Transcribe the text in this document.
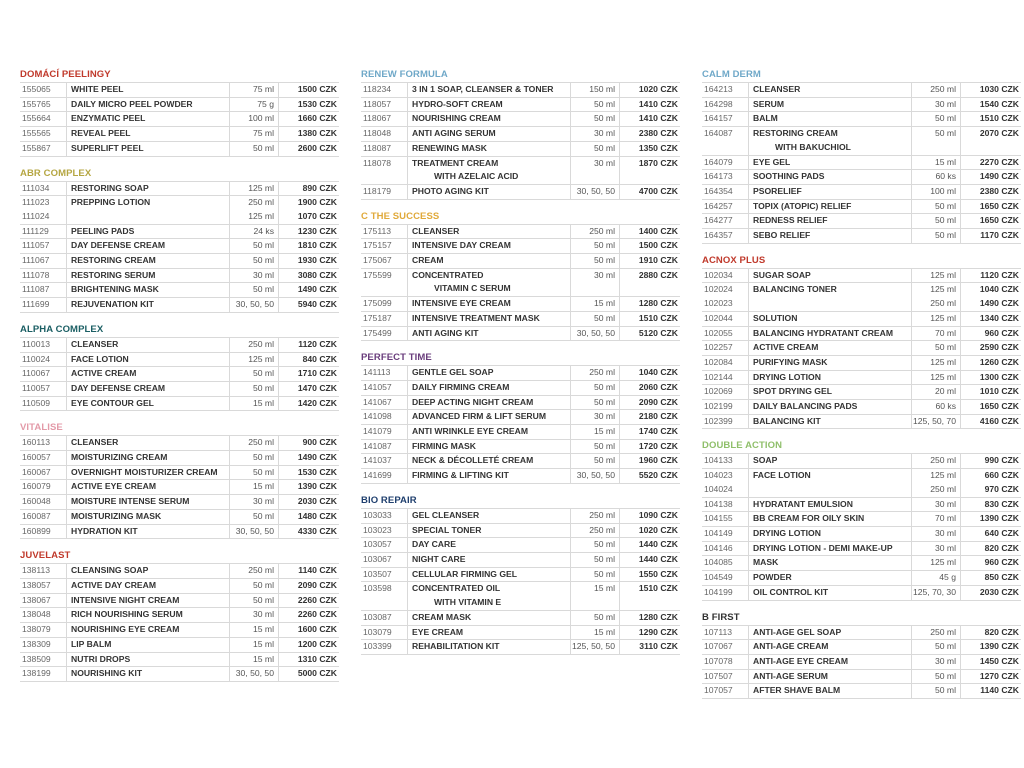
DOMÁCÍ PEELINGY
155065	WHITE PEEL	75 ml	1500 CZK
155765	DAILY MICRO PEEL POWDER	75 g	1530 CZK
155664	ENZYMATIC PEEL	100 ml	1660 CZK
155565	REVEAL PEEL	75 ml	1380 CZK
155867	SUPERLIFT PEEL	50 ml	2600 CZK
ABR COMPLEX
111034	RESTORING SOAP	125 ml	890 CZK
111023	PREPPING LOTION	250 ml	1900 CZK
111024		125 ml	1070 CZK
111129	PEELING PADS	24 ks	1230 CZK
111057	DAY DEFENSE CREAM	50 ml	1810 CZK
111067	RESTORING CREAM	50 ml	1930 CZK
111078	RESTORING SERUM	30 ml	3080 CZK
111087	BRIGHTENING MASK	50 ml	1490 CZK
111699	REJUVENATION KIT	30, 50, 50	5940 CZK
ALPHA COMPLEX
110013	CLEANSER	250 ml	1120 CZK
110024	FACE LOTION	125 ml	840 CZK
110067	ACTIVE CREAM	50 ml	1710 CZK
110057	DAY DEFENSE CREAM	50 ml	1470 CZK
110509	EYE CONTOUR GEL	15 ml	1420 CZK
VITALISE
160113	CLEANSER	250 ml	900 CZK
160057	MOISTURIZING CREAM	50 ml	1490 CZK
160067	OVERNIGHT MOISTURIZER CREAM	50 ml	1530 CZK
160079	ACTIVE EYE CREAM	15 ml	1390 CZK
160048	MOISTURE INTENSE SERUM	30 ml	2030 CZK
160087	MOISTURIZING MASK	50 ml	1480 CZK
160899	HYDRATION KIT	30, 50, 50	4330 CZK
JUVELAST
138113	CLEANSING SOAP	250 ml	1140 CZK
138057	ACTIVE DAY CREAM	50 ml	2090 CZK
138067	INTENSIVE NIGHT CREAM	50 ml	2260 CZK
138048	RICH NOURISHING SERUM	30 ml	2260 CZK
138079	NOURISHING EYE CREAM	15 ml	1600 CZK
138309	LIP BALM	15 ml	1200 CZK
138509	NUTRI DROPS	15 ml	1310 CZK
138199	NOURISHING KIT	30, 50, 50	5000 CZK
RENEW FORMULA
118234	3 IN 1 SOAP, CLEANSER & TONER	150 ml	1020 CZK
118057	HYDRO-SOFT CREAM	50 ml	1410 CZK
118067	NOURISHING CREAM	50 ml	1410 CZK
118048	ANTI AGING SERUM	30 ml	2380 CZK
118087	RENEWING MASK	50 ml	1350 CZK
118078	TREATMENT CREAM	30 ml	1870 CZK
	WITH AZELAIC ACID		
118179	PHOTO AGING KIT	30, 50, 50	4700 CZK
C THE SUCCESS
175113	CLEANSER	250 ml	1400 CZK
175157	INTENSIVE DAY CREAM	50 ml	1500 CZK
175067	CREAM	50 ml	1910 CZK
175599	CONCENTRATED	30 ml	2880 CZK
	VITAMIN C SERUM		
175099	INTENSIVE EYE CREAM	15 ml	1280 CZK
175187	INTENSIVE TREATMENT MASK	50 ml	1510 CZK
175499	ANTI AGING KIT	30, 50, 50	5120 CZK
PERFECT TIME
141113	GENTLE GEL SOAP	250 ml	1040 CZK
141057	DAILY FIRMING CREAM	50 ml	2060 CZK
141067	DEEP ACTING NIGHT CREAM	50 ml	2090 CZK
141098	ADVANCED FIRM & LIFT SERUM	30 ml	2180 CZK
141079	ANTI WRINKLE EYE CREAM	15 ml	1740 CZK
141087	FIRMING MASK	50 ml	1720 CZK
141037	NECK & DÉCOLLETÉ CREAM	50 ml	1960 CZK
141699	FIRMING & LIFTING KIT	30, 50, 50	5520 CZK
BIO REPAIR
103033	GEL CLEANSER	250 ml	1090 CZK
103023	SPECIAL TONER	250 ml	1020 CZK
103057	DAY CARE	50 ml	1440 CZK
103067	NIGHT CARE	50 ml	1440 CZK
103507	CELLULAR FIRMING GEL	50 ml	1550 CZK
103598	CONCENTRATED OIL	15 ml	1510 CZK
	WITH VITAMIN E		
103087	CREAM MASK	50 ml	1280 CZK
103079	EYE CREAM	15 ml	1290 CZK
103399	REHABILITATION KIT	125, 50, 50	3110 CZK
CALM DERM
164213	CLEANSER	250 ml	1030 CZK
164298	SERUM	30 ml	1540 CZK
164157	BALM	50 ml	1510 CZK
164087	RESTORING CREAM	50 ml	2070 CZK
	WITH BAKUCHIOL		
164079	EYE GEL	15 ml	2270 CZK
164173	SOOTHING PADS	60 ks	1490 CZK
164354	PSORELIEF	100 ml	2380 CZK
164257	TOPIX (ATOPIC) RELIEF	50 ml	1650 CZK
164277	REDNESS RELIEF	50 ml	1650 CZK
164357	SEBO RELIEF	50 ml	1170 CZK
ACNOX PLUS
102034	SUGAR SOAP	125 ml	1120 CZK
102024	BALANCING TONER	125 ml	1040 CZK
102023		250 ml	1490 CZK
102044	SOLUTION	125 ml	1340 CZK
102055	BALANCING HYDRATANT CREAM	70 ml	960 CZK
102257	ACTIVE CREAM	50 ml	2590 CZK
102084	PURIFYING MASK	125 ml	1260 CZK
102144	DRYING LOTION	125 ml	1300 CZK
102069	SPOT DRYING GEL	20 ml	1010 CZK
102199	DAILY BALANCING PADS	60 ks	1650 CZK
102399	BALANCING KIT	125, 50, 70	4160 CZK
DOUBLE ACTION
104133	SOAP	250 ml	990 CZK
104023	FACE LOTION	125 ml	660 CZK
104024		250 ml	970 CZK
104138	HYDRATANT EMULSION	30 ml	830 CZK
104155	BB CREAM FOR OILY SKIN	70 ml	1390 CZK
104149	DRYING LOTION	30 ml	640 CZK
104146	DRYING LOTION - DEMI MAKE-UP	30 ml	820 CZK
104085	MASK	125 ml	960 CZK
104549	POWDER	45 g	850 CZK
104199	OIL CONTROL KIT	125, 70, 30	2030 CZK
B FIRST
107113	ANTI-AGE GEL SOAP	250 ml	820 CZK
107067	ANTI-AGE CREAM	50 ml	1390 CZK
107078	ANTI-AGE EYE CREAM	30 ml	1450 CZK
107507	ANTI-AGE SERUM	50 ml	1270 CZK
107057	AFTER SHAVE BALM	50 ml	1140 CZK
